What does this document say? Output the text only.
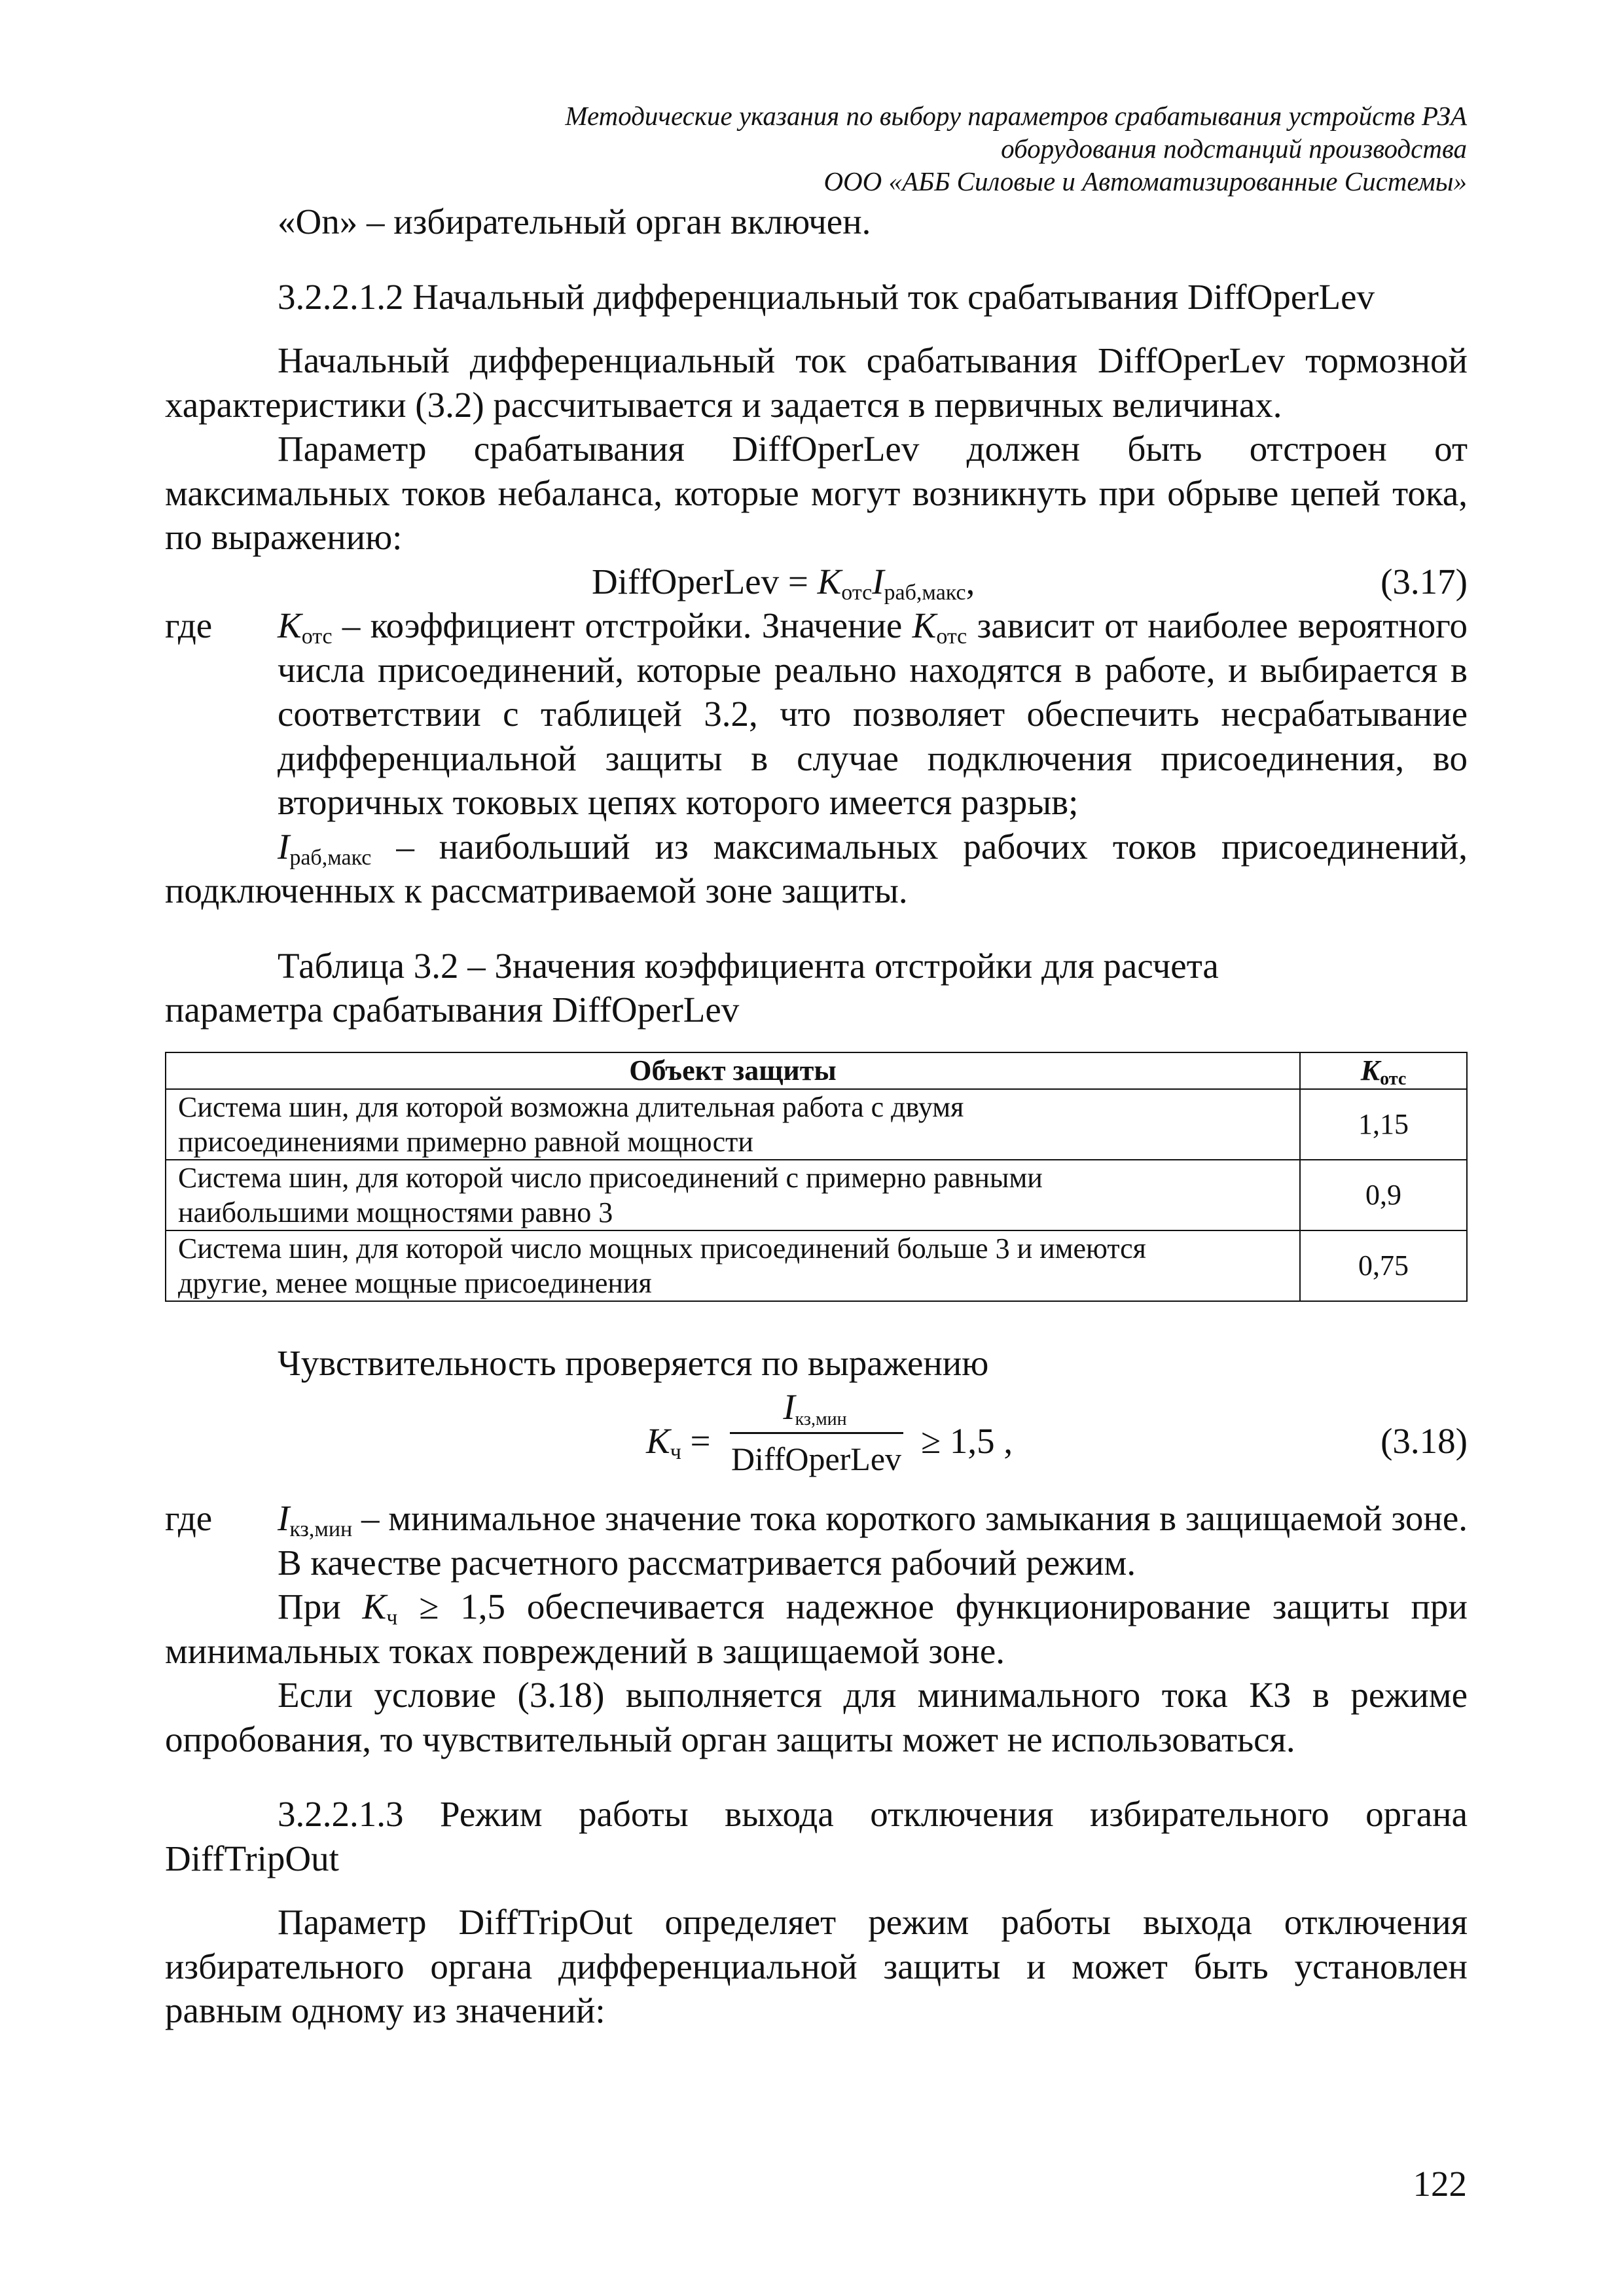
Методические указания по выбору параметров срабатывания устройств РЗА
оборудования подстанций производства
ООО «АББ Силовые и Автоматизированные Системы»

«On» – избирательный орган включен.

3.2.2.1.2 Начальный дифференциальный ток срабатывания DiffOperLev

Начальный дифференциальный ток срабатывания DiffOperLev тормозной характеристики (3.2) рассчитывается и задается в первичных величинах.

Параметр срабатывания DiffOperLev должен быть отстроен от максимальных токов небаланса, которые могут возникнуть при обрыве цепей тока, по выражению:

DiffOperLev = $K_{отс}I_{раб,макс}$,	(3.17)
где	$K_{отс}$ – коэффициент отстройки. Значение $K_{отс}$ зависит от наиболее вероятного числа присоединений, которые реально находятся в работе, и выбирается в соответствии с таблицей 3.2, что позволяет обеспечить несрабатывание дифференциальной защиты в случае подключения присоединения, во вторичных токовых цепях которого имеется разрыв;

$I_{раб,макс}$ – наибольший из максимальных рабочих токов присоединений, подключенных к рассматриваемой зоне защиты.

Таблица 3.2 – Значения коэффициента отстройки для расчета

параметра срабатывания DiffOperLev

Объект защиты	$K_{отс}$

Система шин, для которой возможна длительная работа с двумя
присоединениями примерно равной мощности	1,15

Система шин, для которой число присоединений с примерно равными
наибольшими мощностями равно 3	0,9

Система шин, для которой число мощных присоединений больше 3 и имеются
другие, менее мощные присоединения	0,75

Чувствительность проверяется по выражению

$K_ч$ =
$I_{кз,мин}$
DiffOperLev ≥ 1,5 ,	(3.18)
где	$I_{кз,мин}$ – минимальное значение тока короткого замыкания в защищаемой зоне. В качестве расчетного рассматривается рабочий режим.

При $K_ч \ge 1,5$ обеспечивается надежное функционирование защиты при минимальных токах повреждений в защищаемой зоне.

Если условие (3.18) выполняется для минимального тока КЗ в режиме опробования, то чувствительный орган защиты может не использоваться.

3.2.2.1.3 Режим работы выхода отключения избирательного органа DiffTripOut

Параметр DiffTripOut определяет режим работы выхода отключения избирательного органа дифференциальной защиты и может быть установлен равным одному из значений:

122
